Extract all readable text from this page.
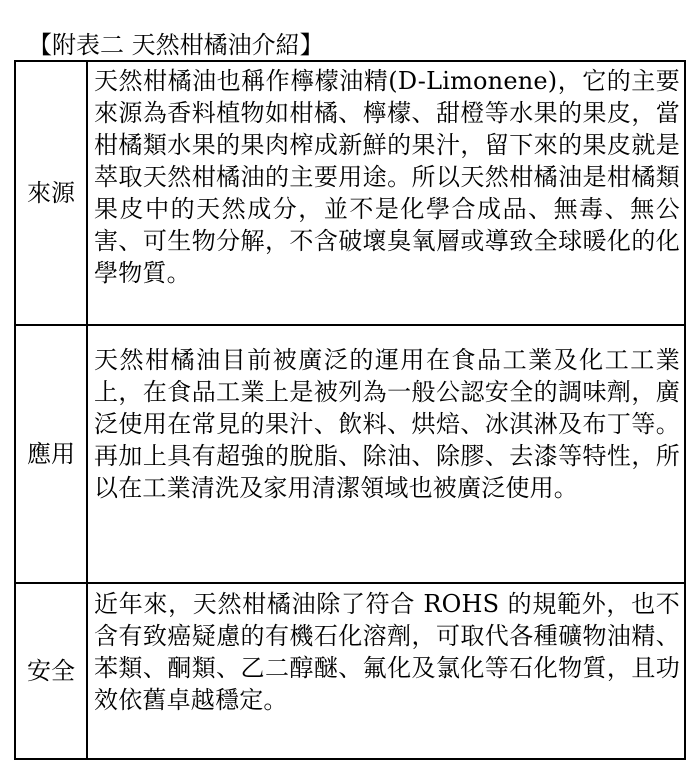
【附表二 天然柑橘油介紹】
來源	天然柑橘油也稱作檸檬油精(D-Limonene)，它的主要來源為香料植物如柑橘、檸檬、甜橙等水果的果皮，當柑橘類水果的果肉榨成新鮮的果汁，留下來的果皮就是萃取天然柑橘油的主要用途。所以天然柑橘油是柑橘類果皮中的天然成分，並不是化學合成品、無毒、無公害、可生物分解，不含破壞臭氧層或導致全球暖化的化學物質。

應用	天然柑橘油目前被廣泛的運用在食品工業及化工工業上，在食品工業上是被列為一般公認安全的調味劑，廣泛使用在常見的果汁、飲料、烘焙、冰淇淋及布丁等。再加上具有超強的脫脂、除油、除膠、去漆等特性，所以在工業清洗及家用清潔領域也被廣泛使用。

安全	近年來，天然柑橘油除了符合 ROHS 的規範外，也不含有致癌疑慮的有機石化溶劑，可取代各種礦物油精、苯類、酮類、乙二醇醚、氟化及氯化等石化物質，且功效依舊卓越穩定。
